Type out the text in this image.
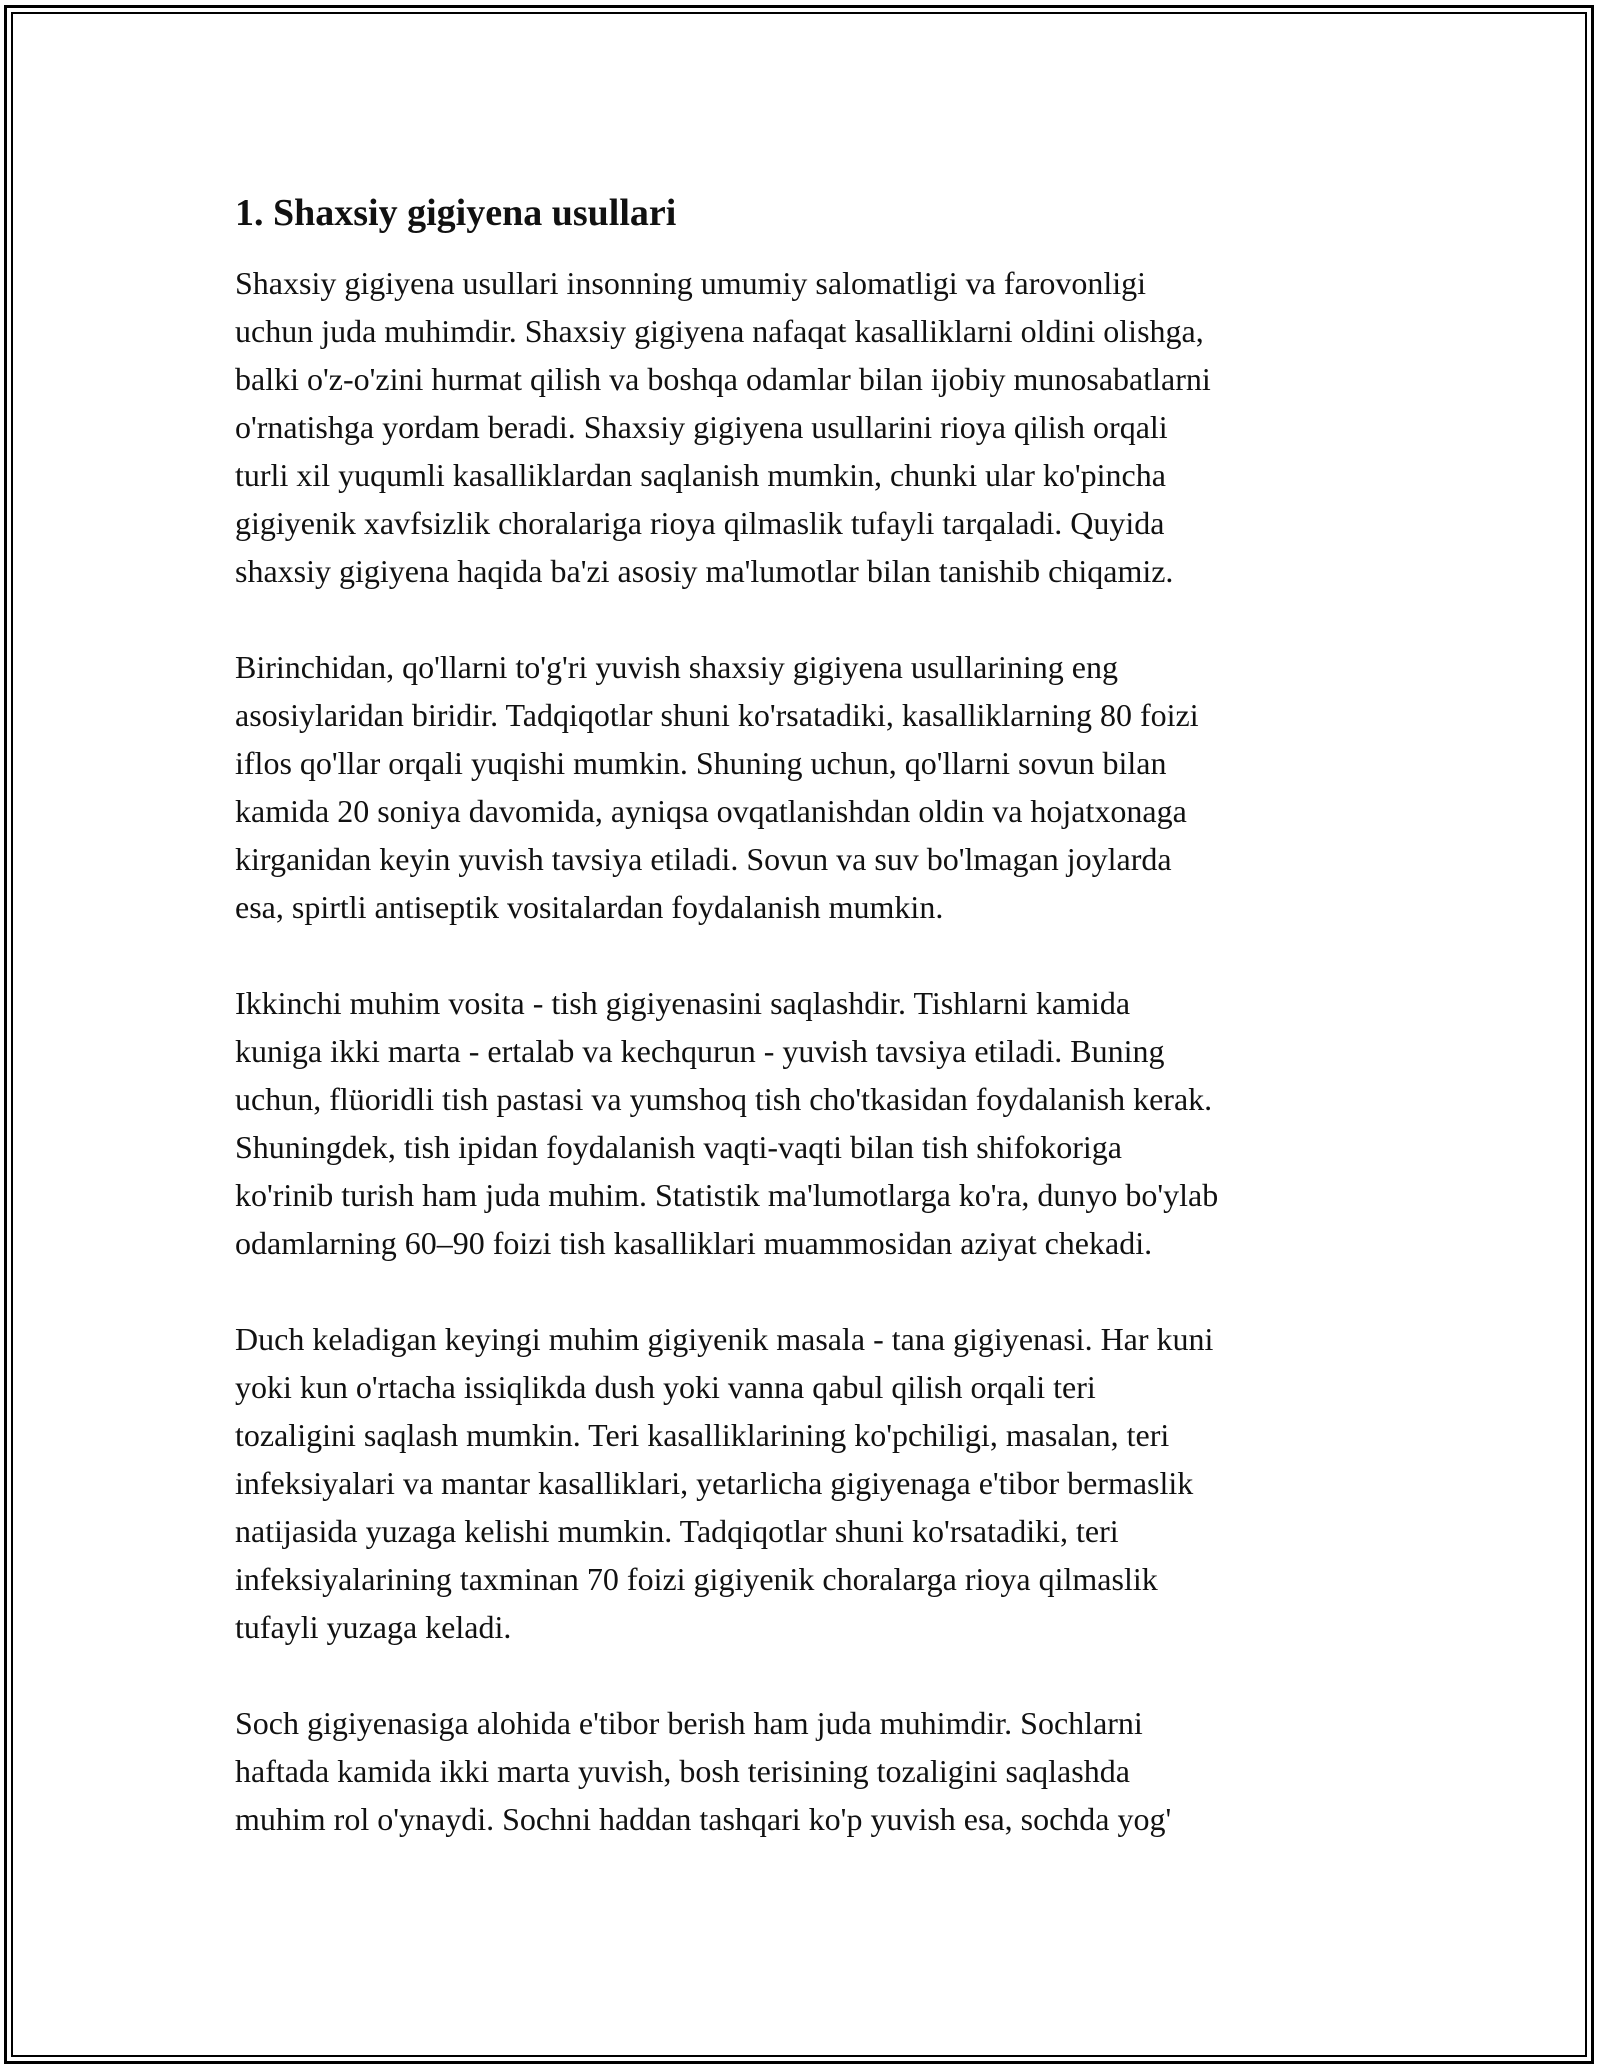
1. Shaxsiy gigiyena usullari
Shaxsiy gigiyena usullari insonning umumiy salomatligi va farovonligi
uchun juda muhimdir. Shaxsiy gigiyena nafaqat kasalliklarni oldini olishga,
balki o'z-o'zini hurmat qilish va boshqa odamlar bilan ijobiy munosabatlarni
o'rnatishga yordam beradi. Shaxsiy gigiyena usullarini rioya qilish orqali
turli xil yuqumli kasalliklardan saqlanish mumkin, chunki ular ko'pincha
gigiyenik xavfsizlik choralariga rioya qilmaslik tufayli tarqaladi. Quyida
shaxsiy gigiyena haqida ba'zi asosiy ma'lumotlar bilan tanishib chiqamiz.
Birinchidan, qo'llarni to'g'ri yuvish shaxsiy gigiyena usullarining eng
asosiylaridan biridir. Tadqiqotlar shuni ko'rsatadiki, kasalliklarning 80 foizi
iflos qo'llar orqali yuqishi mumkin. Shuning uchun, qo'llarni sovun bilan
kamida 20 soniya davomida, ayniqsa ovqatlanishdan oldin va hojatxonaga
kirganidan keyin yuvish tavsiya etiladi. Sovun va suv bo'lmagan joylarda
esa, spirtli antiseptik vositalardan foydalanish mumkin.
Ikkinchi muhim vosita - tish gigiyenasini saqlashdir. Tishlarni kamida
kuniga ikki marta - ertalab va kechqurun - yuvish tavsiya etiladi. Buning
uchun, flüoridli tish pastasi va yumshoq tish cho'tkasidan foydalanish kerak.
Shuningdek, tish ipidan foydalanish vaqti-vaqti bilan tish shifokoriga
ko'rinib turish ham juda muhim. Statistik ma'lumotlarga ko'ra, dunyo bo'ylab
odamlarning 60–90 foizi tish kasalliklari muammosidan aziyat chekadi.
Duch keladigan keyingi muhim gigiyenik masala - tana gigiyenasi. Har kuni
yoki kun o'rtacha issiqlikda dush yoki vanna qabul qilish orqali teri
tozaligini saqlash mumkin. Teri kasalliklarining ko'pchiligi, masalan, teri
infeksiyalari va mantar kasalliklari, yetarlicha gigiyenaga e'tibor bermaslik
natijasida yuzaga kelishi mumkin. Tadqiqotlar shuni ko'rsatadiki, teri
infeksiyalarining taxminan 70 foizi gigiyenik choralarga rioya qilmaslik
tufayli yuzaga keladi.
Soch gigiyenasiga alohida e'tibor berish ham juda muhimdir. Sochlarni
haftada kamida ikki marta yuvish, bosh terisining tozaligini saqlashda
muhim rol o'ynaydi. Sochni haddan tashqari ko'p yuvish esa, sochda yog'
